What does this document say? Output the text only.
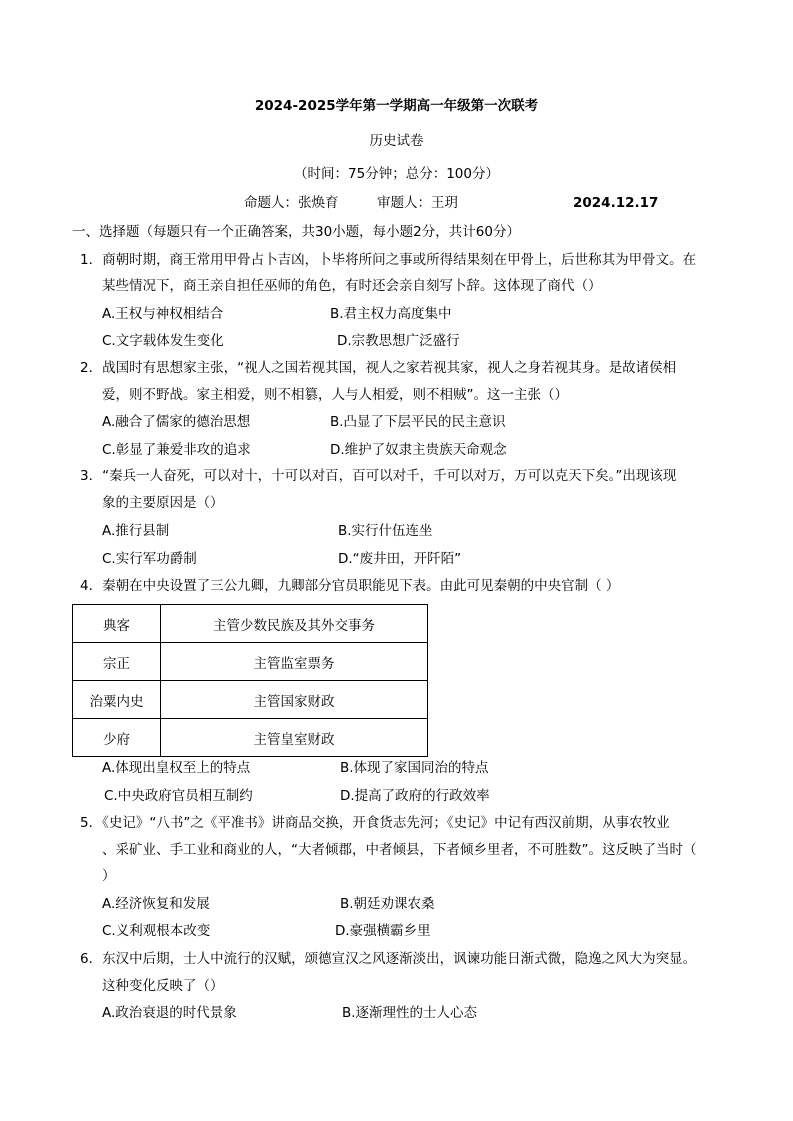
2024-2025学年第一学期高一年级第一次联考
历史试卷
（时间：75分钟；总分：100分）
命题人：张焕育	审题人：王玥	2024.12.17
一、选择题（每题只有一个正确答案，共30小题，每小题2分，共计60分）
1．商朝时期，商王常用甲骨占卜吉凶，卜毕将所问之事或所得结果刻在甲骨上，后世称其为甲骨文。在
某些情况下，商王亲自担任巫师的角色，有时还会亲自刻写卜辞。这体现了商代（）
A.王权与神权相结合	B.君主权力高度集中
C.文字载体发生变化	D.宗教思想广泛盛行
2．战国时有思想家主张，“视人之国若视其国，视人之家若视其家，视人之身若视其身。是故诸侯相
爱，则不野战。家主相爱，则不相篡，人与人相爱，则不相贼”。这一主张（）
A.融合了儒家的德治思想	B.凸显了下层平民的民主意识
C.彰显了兼爱非攻的追求	D.维护了奴隶主贵族天命观念
3．“秦兵一人奋死，可以对十，十可以对百，百可以对千，千可以对万，万可以克天下矣。”出现该现
象的主要原因是（）
A.推行县制	B.实行什伍连坐
C.实行军功爵制	D.“废井田，开阡陌”
4．秦朝在中央设置了三公九卿，九卿部分官员职能见下表。由此可见秦朝的中央官制（ ）
典客	主管少数民族及其外交事务
宗正	主管监室票务
治粟内史	主管国家财政
少府	主管皇室财政
A.体现出皇权至上的特点	B.体现了家国同治的特点
C.中央政府官员相互制约	D.提高了政府的行政效率
5．《史记》“八书”之《平准书》讲商品交换，开食货志先河；《史记》中记有西汉前期，从事农牧业
、采矿业、手工业和商业的人，“大者倾郡，中者倾县，下者倾乡里者，不可胜数”。这反映了当时（
）
A.经济恢复和发展	B.朝廷劝课农桑
C.义利观根本改变	D.豪强横霸乡里
6．东汉中后期，士人中流行的汉赋，颂德宣汉之风逐渐淡出，讽谏功能日渐式微，隐逸之风大为突显。
这种变化反映了（）
A.政治衰退的时代景象	B.逐渐理性的士人心态
